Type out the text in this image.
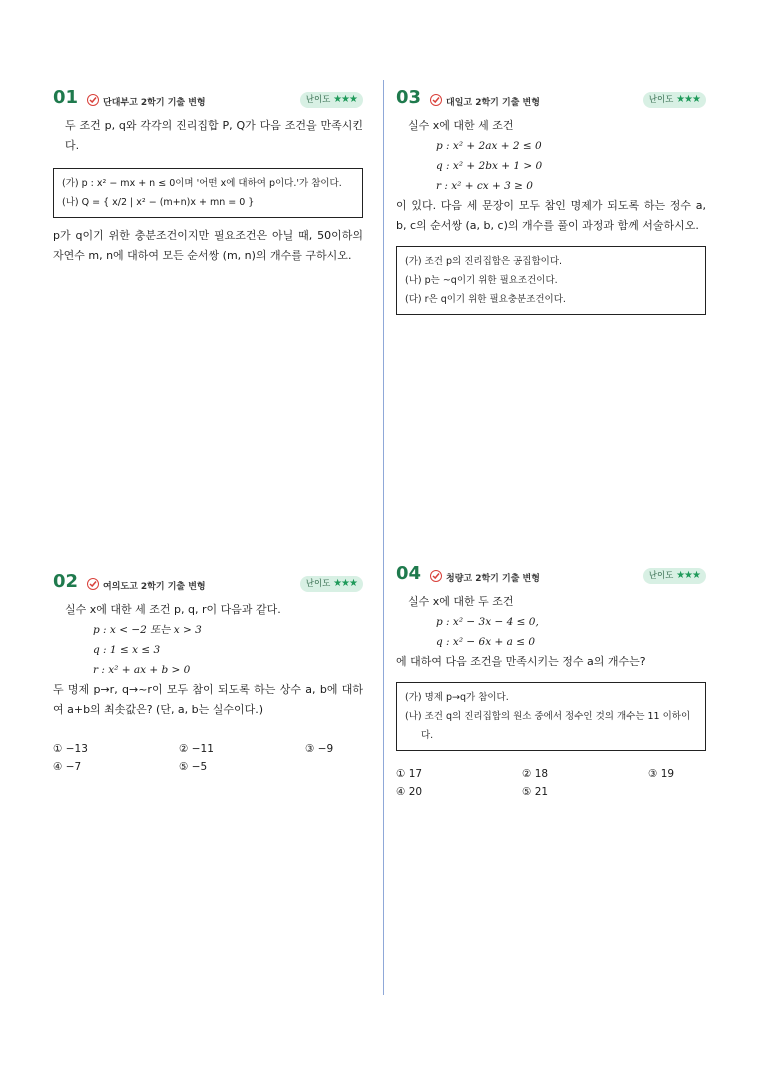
01	단대부고 2학기 기출 변형	난이도 ★★★

두 조건 p, q와 각각의 진리집합 P, Q가 다음 조건을 만족시킨다.

(가) p : x² − mx + n ≤ 0이며 '어떤 x에 대하여 p이다.'가 참이다.
(나) Q = { x/2 | x² − (m+n)x + mn = 0 }

p가 q이기 위한 충분조건이지만 필요조건은 아닐 때, 50이하의 자연수 m, n에 대하여 모든 순서쌍 (m, n)의 개수를 구하시오.

03	대일고 2학기 기출 변형	난이도 ★★★

실수 x에 대한 세 조건

p : x² + 2ax + 2 ≤ 0
q : x² + 2bx + 1 > 0
r : x² + cx + 3 ≥ 0

이 있다. 다음 세 문장이 모두 참인 명제가 되도록 하는 정수 a, b, c의 순서쌍 (a, b, c)의 개수를 풀이 과정과 함께 서술하시오.

(가) 조건 p의 진리집합은 공집합이다.
(나) p는 ~q이기 위한 필요조건이다.
(다) r은 q이기 위한 필요충분조건이다.
02	여의도고 2학기 기출 변형	난이도 ★★★

실수 x에 대한 세 조건 p, q, r이 다음과 같다.

p : x < −2 또는 x > 3
q : 1 ≤ x ≤ 3
r : x² + ax + b > 0

두 명제 p→r, q→~r이 모두 참이 되도록 하는 상수 a, b에 대하여 a+b의 최솟값은? (단, a, b는 실수이다.)

① −13	② −11	③ −9
④ −7	⑤ −5
04	청량고 2학기 기출 변형	난이도 ★★★

실수 x에 대한 두 조건

p : x² − 3x − 4 ≤ 0,
q : x² − 6x + a ≤ 0

에 대하여 다음 조건을 만족시키는 정수 a의 개수는?

(가) 명제 p→q가 참이다.
(나) 조건 q의 진리집합의 원소 중에서 정수인 것의 개수는 11 이하이다.
① 17	② 18	③ 19
④ 20	⑤ 21
